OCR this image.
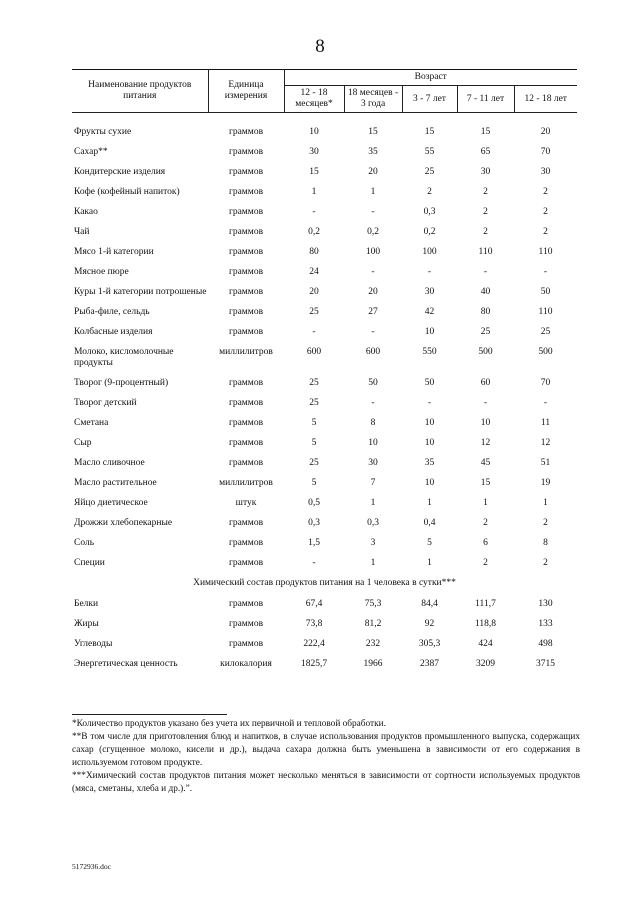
8
Наименование продуктов питания	Единица измерения	Возраст				
		12 - 18 месяцев*	18 месяцев - 3 года	3 - 7 лет	7 - 11 лет	12 - 18 лет

Фрукты сухие	граммов	10	15	15	15	20
Сахар**	граммов	30	35	55	65	70
Кондитерские изделия	граммов	15	20	25	30	30
Кофе (кофейный напиток)	граммов	1	1	2	2	2
Какао	граммов	-	-	0,3	2	2
Чай	граммов	0,2	0,2	0,2	2	2
Мясо 1-й категории	граммов	80	100	100	110	110
Мясное пюре	граммов	24	-	-	-	-
Куры 1-й категории потрошеные	граммов	20	20	30	40	50
Рыба-филе, сельдь	граммов	25	27	42	80	110
Колбасные изделия	граммов	-	-	10	25	25
Молоко, кисломолочные продукты	миллилитров	600	600	550	500	500
Творог (9-процентный)	граммов	25	50	50	60	70
Творог детский	граммов	25	-	-	-	-
Сметана	граммов	5	8	10	10	11
Сыр	граммов	5	10	10	12	12
Масло сливочное	граммов	25	30	35	45	51
Масло растительное	миллилитров	5	7	10	15	19
Яйцо диетическое	штук	0,5	1	1	1	1
Дрожжи хлебопекарные	граммов	0,3	0,3	0,4	2	2
Соль	граммов	1,5	3	5	6	8
Специи	граммов	-	1	1	2	2
Химический состав продуктов питания на 1 человека в сутки***						
Белки	граммов	67,4	75,3	84,4	111,7	130
Жиры	граммов	73,8	81,2	92	118,8	133
Углеводы	граммов	222,4	232	305,3	424	498
Энергетическая ценность	килокалория	1825,7	1966	2387	3209	3715

*Количество продуктов указано без учета их первичной и тепловой обработки.

**В том числе для приготовления блюд и напитков, в случае использования продуктов промышленного выпуска, содержащих сахар (сгущенное молоко, кисели и др.), выдача сахара должна быть уменьшена в зависимости от его содержания в используемом готовом продукте.

***Химический состав продуктов питания может несколько меняться в зависимости от сортности используемых продуктов (мяса, сметаны, хлеба и др.).”.

5172936.doc
